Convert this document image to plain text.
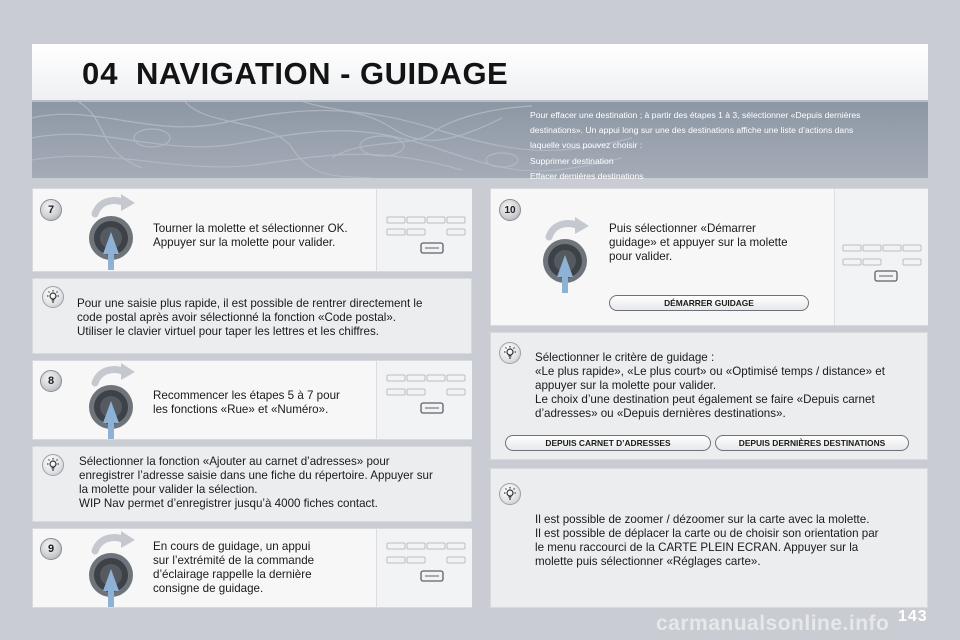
04 NAVIGATION - GUIDAGE
Pour effacer une destination ; à partir des étapes 1 à 3, sélectionner «Depuis dernières
destinations». Un appui long sur une des destinations affiche une liste d’actions dans
laquelle vous pouvez choisir :
Supprimer destination
Effacer dernières destinations
7
Tourner la molette et sélectionner OK.
Appuyer sur la molette pour valider.
Pour une saisie plus rapide, il est possible de rentrer directement le
code postal après avoir sélectionné la fonction «Code postal».
Utiliser le clavier virtuel pour taper les lettres et les chiffres.
8
Recommencer les étapes 5 à 7 pour
les fonctions «Rue» et «Numéro».
Sélectionner la fonction «Ajouter au carnet d’adresses» pour
enregistrer l’adresse saisie dans une fiche du répertoire. Appuyer sur
la molette pour valider la sélection.
WIP Nav permet d’enregistrer jusqu’à 4000 fiches contact.
9	En cours de guidage, un appui
sur l’extrémité de la commande
d’éclairage rappelle la dernière
consigne de guidage.
10
Puis sélectionner «Démarrer
guidage» et appuyer sur la molette
pour valider.
DÉMARRER GUIDAGE
Sélectionner le critère de guidage :
«Le plus rapide», «Le plus court» ou «Optimisé temps / distance» et
appuyer sur la molette pour valider.
Le choix d’une destination peut également se faire «Depuis carnet
d’adresses» ou «Depuis dernières destinations».
DEPUIS CARNET D’ADRESSES	DEPUIS DERNIÈRES DESTINATIONS
Il est possible de zoomer / dézoomer sur la carte avec la molette.
Il est possible de déplacer la carte ou de choisir son orientation par
le menu raccourci de la CARTE PLEIN ECRAN. Appuyer sur la
molette puis sélectionner «Réglages carte».
carmanualsonline.info 143
